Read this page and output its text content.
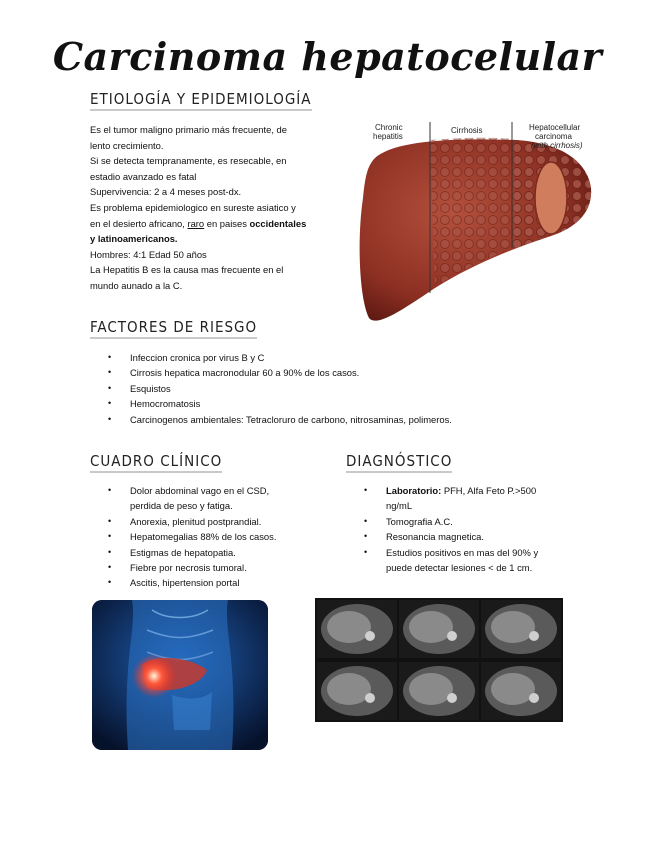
Carcinoma hepatocelular
ETIOLOGÍA Y EPIDEMIOLOGÍA

Es el tumor maligno primario más frecuente, de

lento crecimiento.

Si se detecta tempranamente, es resecable, en

estadio avanzado es fatal

Supervivencia: 2 a 4 meses post-dx.

Es problema epidemiologico en sureste asiatico y

en el desierto africano, raro en paises occidentales

y latinoamericanos.

Hombres: 4:1 Edad 50 años

La Hepatitis B es la causa mas frecuente en el

mundo aunado a la C.

Chronic hepatitis
Cirrhosis	Hepatocellular carcinoma (with cirrhosis)
FACTORES DE RIESGO
• Infeccion cronica por virus B y C
• Cirrosis hepatica macronodular 60 a 90% de los casos.
• Esquistos
• Hemocromatosis
• Carcinogenos ambientales: Tetracloruro de carbono, nitrosaminas, polimeros.
CUADRO CLÍNICO
• Dolor abdominal vago en el CSD,
perdida de peso y fatiga.
• Anorexia, plenitud postprandial.
• Hepatomegalias 88% de los casos.
• Estigmas de hepatopatia.
• Fiebre por necrosis tumoral.
• Ascitis, hipertension portal
DIAGNÓSTICO
• Laboratorio: PFH, Alfa Feto P.>500
ng/mL
• Tomografia A.C.
• Resonancia magnetica.
• Estudios positivos en mas del 90% y
puede detectar lesiones < de 1 cm.
